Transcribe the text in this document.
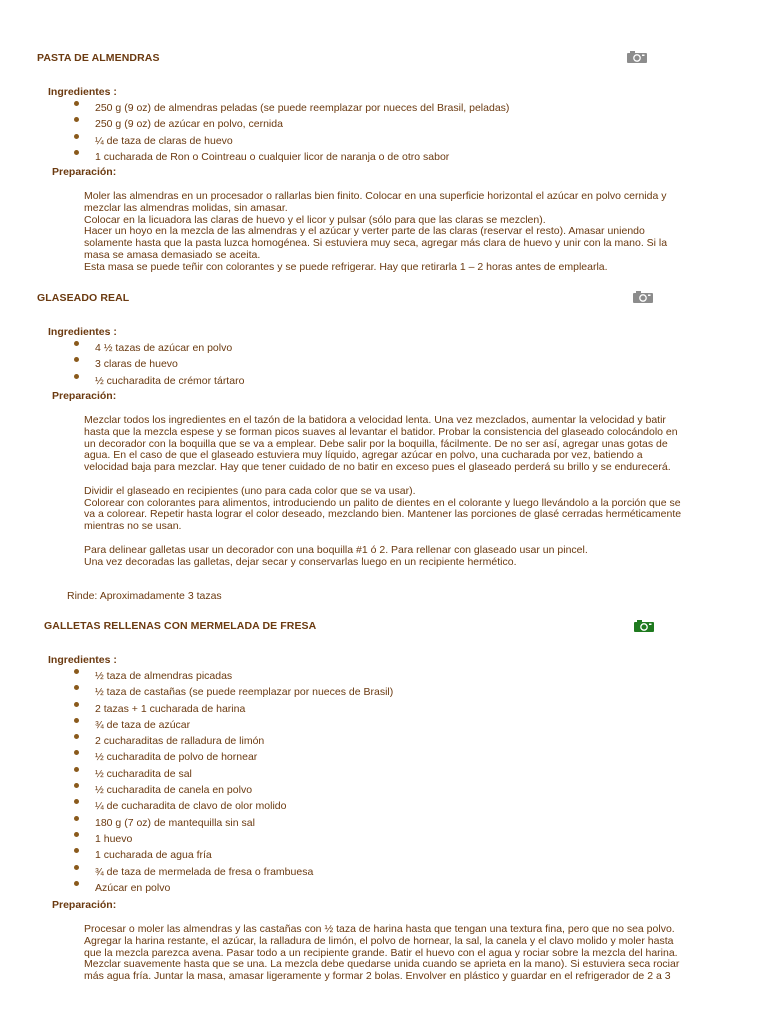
PASTA DE ALMENDRAS
Ingredientes :
250 g (9 oz) de almendras peladas (se puede reemplazar por nueces del Brasil, peladas)
250 g (9 oz) de azúcar en polvo, cernida
¼ de taza de claras de huevo
1 cucharada de Ron o Cointreau o cualquier licor de naranja o de otro sabor
Preparación:

Moler las almendras en un procesador o rallarlas bien finito. Colocar en una superficie horizontal el azúcar en polvo cernida y

mezclar las almendras molidas, sin amasar.

Colocar en la licuadora las claras de huevo y el licor y pulsar (sólo para que las claras se mezclen).

Hacer un hoyo en la mezcla de las almendras y el azúcar y verter parte de las claras (reservar el resto). Amasar uniendo

solamente hasta que la pasta luzca homogénea. Si estuviera muy seca, agregar más clara de huevo y unir con la mano. Si la

masa se amasa demasiado se aceita.

Esta masa se puede teñir con colorantes y se puede refrigerar. Hay que retirarla 1 – 2 horas antes de emplearla.

GLASEADO REAL
Ingredientes :
4 ½ tazas de azúcar en polvo
3 claras de huevo
½ cucharadita de crémor tártaro
Preparación:

Mezclar todos los ingredientes en el tazón de la batidora a velocidad lenta. Una vez mezclados, aumentar la velocidad y batir

hasta que la mezcla espese y se forman picos suaves al levantar el batidor. Probar la consistencia del glaseado colocándolo en

un decorador con la boquilla que se va a emplear. Debe salir por la boquilla, fácilmente. De no ser así, agregar unas gotas de

agua. En el caso de que el glaseado estuviera muy líquido, agregar azúcar en polvo, una cucharada por vez, batiendo a

velocidad baja para mezclar. Hay que tener cuidado de no batir en exceso pues el glaseado perderá su brillo y se endurecerá.

Dividir el glaseado en recipientes (uno para cada color que se va usar).

Colorear con colorantes para alimentos, introduciendo un palito de dientes en el colorante y luego llevándolo a la porción que se

va a colorear. Repetir hasta lograr el color deseado, mezclando bien. Mantener las porciones de glasé cerradas herméticamente

mientras no se usan.

Para delinear galletas usar un decorador con una boquilla #1 ó 2. Para rellenar con glaseado usar un pincel.

Una vez decoradas las galletas, dejar secar y conservarlas luego en un recipiente hermético.

Rinde: Aproximadamente 3 tazas
GALLETAS RELLENAS CON MERMELADA DE FRESA
Ingredientes :
½ taza de almendras picadas
½ taza de castañas (se puede reemplazar por nueces de Brasil)
2 tazas + 1 cucharada de harina
¾ de taza de azúcar
2 cucharaditas de ralladura de limón
½ cucharadita de polvo de hornear
½ cucharadita de sal
½ cucharadita de canela en polvo
¼ de cucharadita de clavo de olor molido
180 g (7 oz) de mantequilla sin sal
1 huevo
1 cucharada de agua fría
¾ de taza de mermelada de fresa o frambuesa
Azúcar en polvo
Preparación:

Procesar o moler las almendras y las castañas con ½ taza de harina hasta que tengan una textura fina, pero que no sea polvo.

Agregar la harina restante, el azúcar, la ralladura de limón, el polvo de hornear, la sal, la canela y el clavo molido y moler hasta

que la mezcla parezca avena. Pasar todo a un recipiente grande. Batir el huevo con el agua y rociar sobre la mezcla del harina.

Mezclar suavemente hasta que se una. La mezcla debe quedarse unida cuando se aprieta en la mano). Si estuviera seca rociar

más agua fría. Juntar la masa, amasar ligeramente y formar 2 bolas. Envolver en plástico y guardar en el refrigerador de 2 a 3
